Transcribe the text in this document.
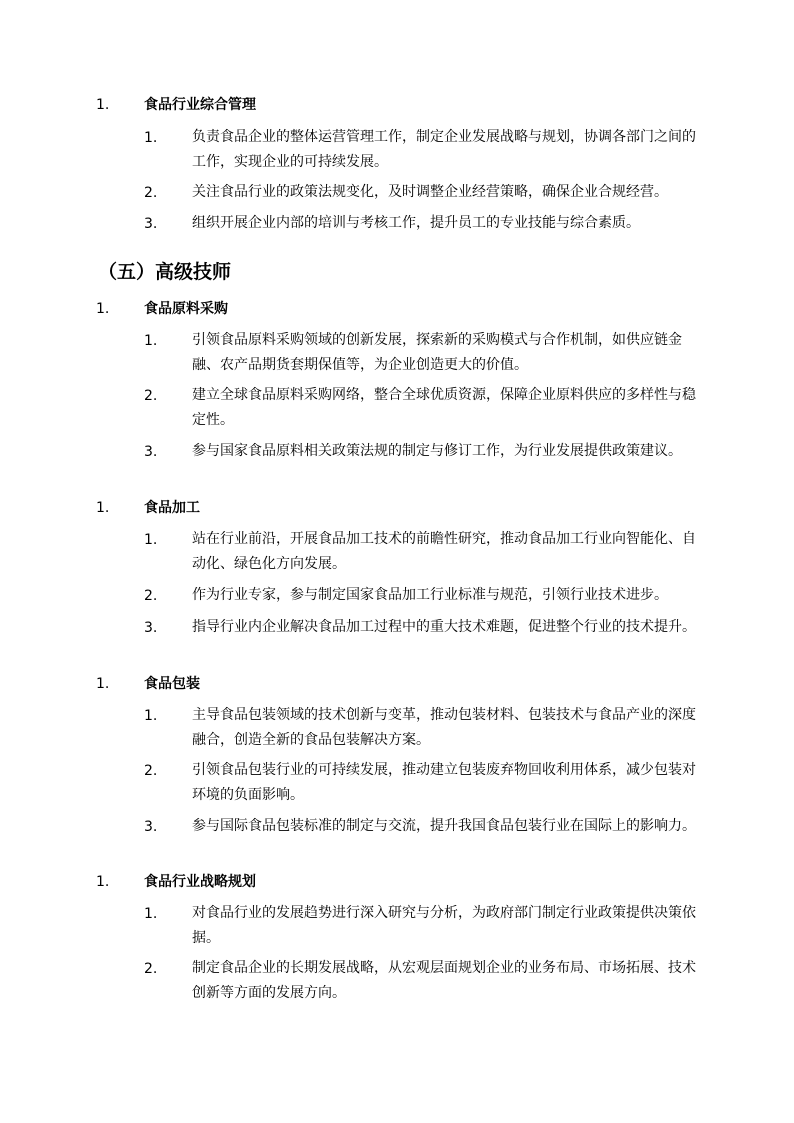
1. 食品行业综合管理
1. 负责食品企业的整体运营管理工作，制定企业发展战略与规划，协调各部门之间的工作，实现企业的可持续发展。
2. 关注食品行业的政策法规变化，及时调整企业经营策略，确保企业合规经营。
3. 组织开展企业内部的培训与考核工作，提升员工的专业技能与综合素质。
（五）高级技师
1. 食品原料采购
1. 引领食品原料采购领域的创新发展，探索新的采购模式与合作机制，如供应链金融、农产品期货套期保值等，为企业创造更大的价值。
2. 建立全球食品原料采购网络，整合全球优质资源，保障企业原料供应的多样性与稳定性。
3. 参与国家食品原料相关政策法规的制定与修订工作，为行业发展提供政策建议。
1. 食品加工
1. 站在行业前沿，开展食品加工技术的前瞻性研究，推动食品加工行业向智能化、自动化、绿色化方向发展。
2. 作为行业专家，参与制定国家食品加工行业标准与规范，引领行业技术进步。
3. 指导行业内企业解决食品加工过程中的重大技术难题，促进整个行业的技术提升。
1. 食品包装
1. 主导食品包装领域的技术创新与变革，推动包装材料、包装技术与食品产业的深度融合，创造全新的食品包装解决方案。
2. 引领食品包装行业的可持续发展，推动建立包装废弃物回收利用体系，减少包装对环境的负面影响。
3. 参与国际食品包装标准的制定与交流，提升我国食品包装行业在国际上的影响力。
1. 食品行业战略规划
1. 对食品行业的发展趋势进行深入研究与分析，为政府部门制定行业政策提供决策依据。
2. 制定食品企业的长期发展战略，从宏观层面规划企业的业务布局、市场拓展、技术创新等方面的发展方向。
